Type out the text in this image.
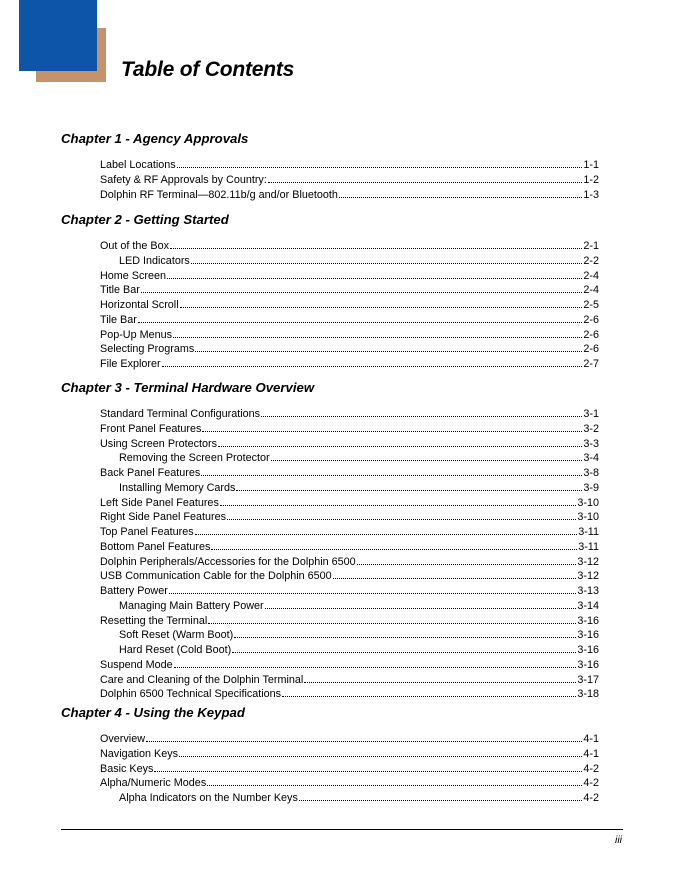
Table of Contents
Chapter 1 - Agency Approvals
Label Locations	1-1
Safety & RF Approvals by Country:	1-2
Dolphin RF Terminal—802.11b/g and/or Bluetooth	1-3
Chapter 2 - Getting Started
Out of the Box	2-1
LED Indicators	2-2
Home Screen	2-4
Title Bar	2-4
Horizontal Scroll	2-5
Tile Bar	2-6
Pop-Up Menus	2-6
Selecting Programs	2-6
File Explorer	2-7
Chapter 3 - Terminal Hardware Overview
Standard Terminal Configurations	3-1
Front Panel Features	3-2
Using Screen Protectors	3-3
Removing the Screen Protector	3-4
Back Panel Features	3-8
Installing Memory Cards	3-9
Left Side Panel Features	3-10
Right Side Panel Features	3-10
Top Panel Features	3-11
Bottom Panel Features	3-11
Dolphin Peripherals/Accessories for the Dolphin 6500	3-12
USB Communication Cable for the Dolphin 6500	3-12
Battery Power	3-13
Managing Main Battery Power	3-14
Resetting the Terminal	3-16
Soft Reset (Warm Boot)	3-16
Hard Reset (Cold Boot)	3-16
Suspend Mode	3-16
Care and Cleaning of the Dolphin Terminal	3-17
Dolphin 6500 Technical Specifications	3-18
Chapter 4 - Using the Keypad
Overview	4-1
Navigation Keys	4-1
Basic Keys	4-2
Alpha/Numeric Modes	4-2
Alpha Indicators on the Number Keys	4-2
iii
